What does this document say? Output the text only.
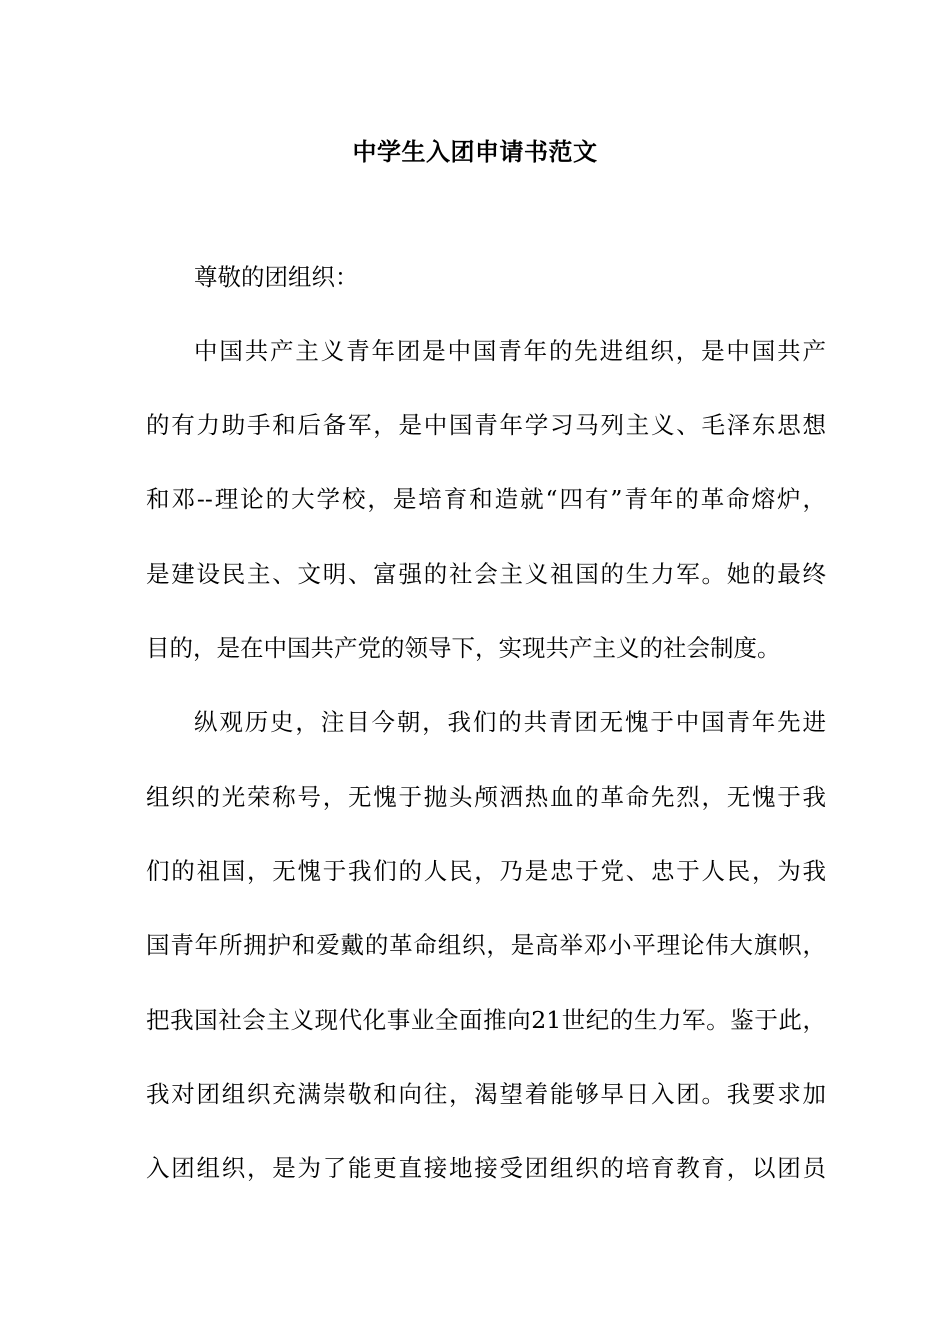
中学生入团申请书范文
尊敬的团组织：
中国共产主义青年团是中国青年的先进组织，是中国共产
的有力助手和后备军，是中国青年学习马列主义、毛泽东思想
和邓--理论的大学校，是培育和造就“四有”青年的革命熔炉，
是建设民主、文明、富强的社会主义祖国的生力军。她的最终
目的，是在中国共产党的领导下，实现共产主义的社会制度。
纵观历史，注目今朝，我们的共青团无愧于中国青年先进
组织的光荣称号，无愧于抛头颅洒热血的革命先烈，无愧于我
们的祖国，无愧于我们的人民，乃是忠于党、忠于人民，为我
国青年所拥护和爱戴的革命组织，是高举邓小平理论伟大旗帜，
把我国社会主义现代化事业全面推向21世纪的生力军。鉴于此，
我对团组织充满崇敬和向往，渴望着能够早日入团。我要求加
入团组织，是为了能更直接地接受团组织的培育教育，以团员
